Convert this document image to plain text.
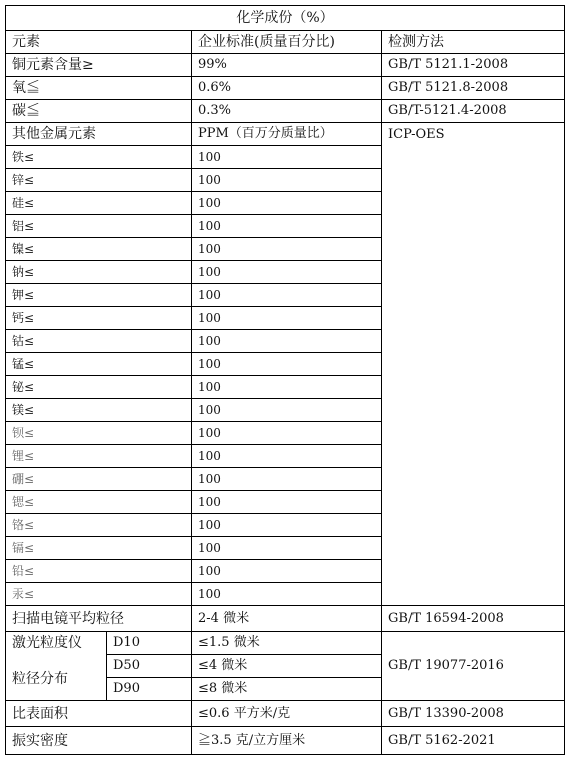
化学成份（%）			
元素		企业标准(质量百分比)	检测方法
铜元素含量≥		99%	GB/T 5121.1-2008
氧≦		0.6%	GB/T 5121.8-2008
碳≦		0.3%	GB/T-5121.4-2008
其他金属元素		PPM（百万分质量比）	ICP-OES
铁≤		100	
锌≤		100	
硅≤		100	
铝≤		100	
镍≤		100	
钠≤		100	
钾≤		100	
钙≤		100	
钴≤		100	
锰≤		100	
铋≤		100	
镁≤		100	
钡≤		100	
锂≤		100	
硼≤		100	
锶≤		100	
铬≤		100	
镉≤		100	
铅≤		100	
汞≤		100	
扫描电镜平均粒径		2-4 微米	GB/T 16594-2008

激光粒度仪
粒径分布	D10	≤1.5 微米	GB/T 19077-2016
	D50	≤4 微米	
	D90	≤8 微米	
比表面积		≤0.6 平方米/克	GB/T 13390-2008
振实密度		≧3.5 克/立方厘米	GB/T 5162-2021
